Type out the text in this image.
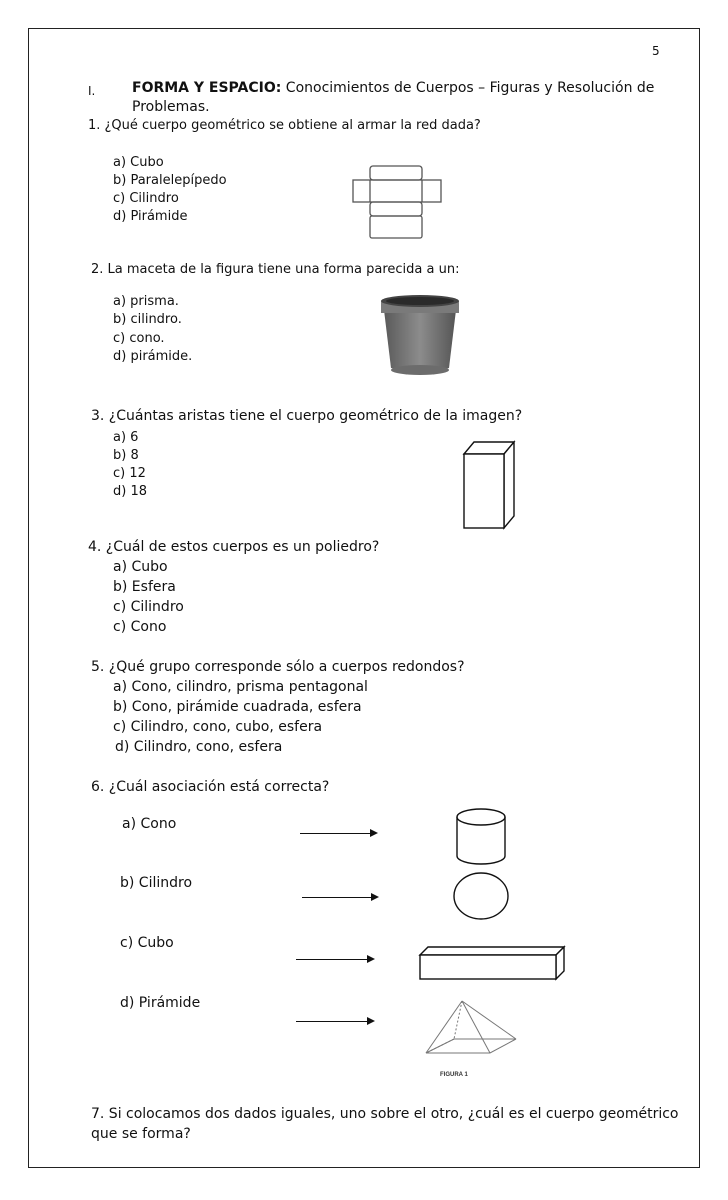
5
I.	FORMA Y ESPACIO: Conocimientos de Cuerpos – Figuras y Resolución de
Problemas.
1. ¿Qué cuerpo geométrico se obtiene al armar la red dada?
a) Cubo
b) Paralelepípedo
c) Cilindro
d) Pirámide
2. La maceta de la figura tiene una forma parecida a un:
a) prisma.
b) cilindro.
c) cono.
d) pirámide.
3. ¿Cuántas aristas tiene el cuerpo geométrico de la imagen?
a) 6
b) 8
c) 12
d) 18
4. ¿Cuál de estos cuerpos es un poliedro?
a) Cubo
b) Esfera
c) Cilindro
c) Cono
5. ¿Qué grupo corresponde sólo a cuerpos redondos?
a) Cono, cilindro, prisma pentagonal
b) Cono, pirámide cuadrada, esfera
c) Cilindro, cono, cubo, esfera
d) Cilindro, cono, esfera
6. ¿Cuál asociación está correcta?
a) Cono
b) Cilindro
c) Cubo
d) Pirámide
FIGURA 1
7. Si colocamos dos dados iguales, uno sobre el otro, ¿cuál es el cuerpo geométrico
que se forma?
